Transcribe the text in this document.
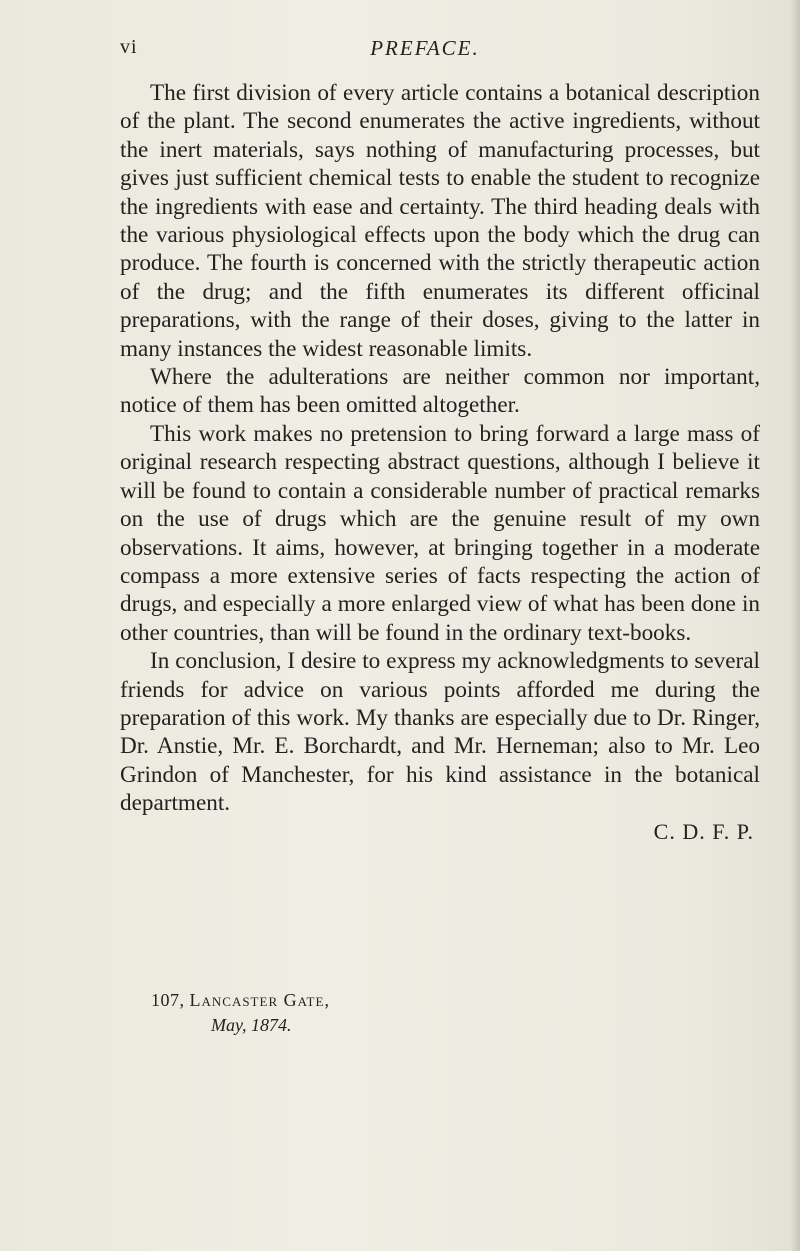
vi	PREFACE.

The first division of every article contains a botanical description of the plant. The second enumerates the active ingredients, without the inert materials, says nothing of manufacturing processes, but gives just sufficient chemical tests to enable the student to recognize the ingredients with ease and certainty. The third heading deals with the various physiological effects upon the body which the drug can produce. The fourth is concerned with the strictly therapeutic action of the drug; and the fifth enumerates its different officinal preparations, with the range of their doses, giving to the latter in many instances the widest reasonable limits.

Where the adulterations are neither common nor important, notice of them has been omitted altogether.

This work makes no pretension to bring forward a large mass of original research respecting abstract questions, although I believe it will be found to contain a considerable number of practical remarks on the use of drugs which are the genuine result of my own observations. It aims, however, at bringing together in a moderate compass a more extensive series of facts respecting the action of drugs, and especially a more enlarged view of what has been done in other countries, than will be found in the ordinary text-books.

In conclusion, I desire to express my acknowledgments to several friends for advice on various points afforded me during the preparation of this work. My thanks are especially due to Dr. Ringer, Dr. Anstie, Mr. E. Borchardt, and Mr. Herneman; also to Mr. Leo Grindon of Manchester, for his kind assistance in the botanical department.

C. D. F. P.

107, Lancaster Gate,
May, 1874.
